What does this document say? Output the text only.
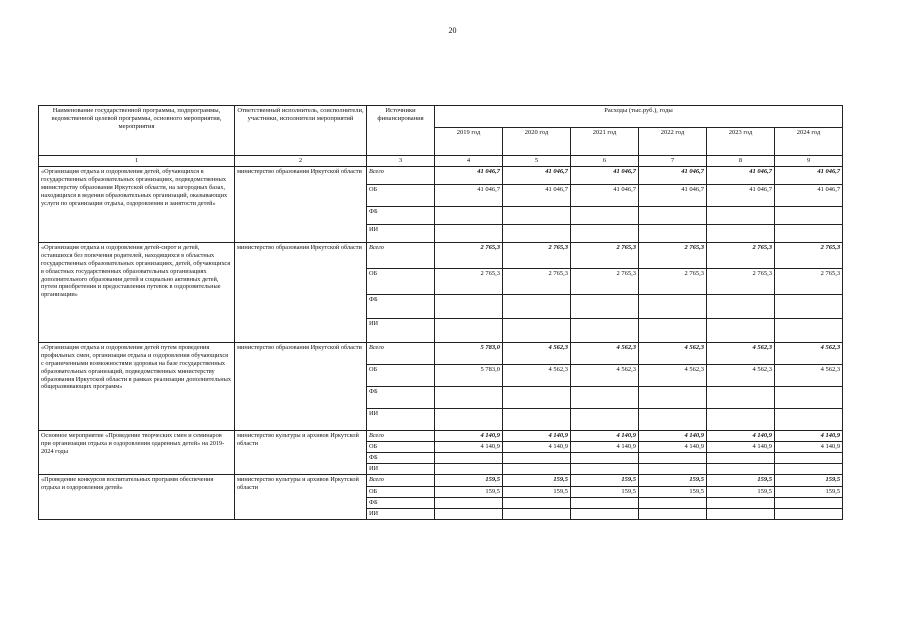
20
Наименование государственной программы, подпрограммы, ведомственной целевой программы, основного мероприятия, мероприятия	Ответственный исполнитель, соисполнители, участники, исполнители мероприятий	Источники финансирования	Расходы (тыс.руб.), годы					
			2019 год	2020 год	2021 год	2022 год	2023 год	2024 год
1	2	3	4	5	6	7	8	9
«Организация отдыха и оздоровления детей, обучающихся в государственных образовательных организациях, подведомственных министерству образования Иркутской области, на загородных базах, находящихся в ведении образовательных организаций, оказывающих услуги по организации отдыха, оздоровления и занятости детей»	министерство образования Иркутской области	Всего	41 046,7	41 046,7	41 046,7	41 046,7	41 046,7	41 046,7
		ОБ	41 046,7	41 046,7	41 046,7	41 046,7	41 046,7	41 046,7
		ФБ						
		ИИ						
«Организация отдыха и оздоровления детей-сирот и детей, оставшихся без попечения родителей, находящихся в областных государственных образовательных организациях, детей, обучающихся в областных государственных образовательных организациях дополнительного образования детей и социально активных детей, путем приобретения и предоставления путевок в оздоровительные организации»	министерство образования Иркутской области	Всего	2 765,3	2 765,3	2 765,3	2 765,3	2 765,3	2 765,3
		ОБ	2 765,3	2 765,3	2 765,3	2 765,3	2 765,3	2 765,3
		ФБ						
		ИИ						
«Организация отдыха и оздоровления детей путем проведения профильных смен, организация отдыха и оздоровления обучающихся с ограниченными возможностями здоровья на базе государственных образовательных организаций, подведомственных министерству образования Иркутской области в рамках реализации дополнительных общеразвивающих программ»	министерство образования Иркутской области	Всего	5 783,0	4 562,3	4 562,3	4 562,3	4 562,3	4 562,3
		ОБ	5 783,0	4 562,3	4 562,3	4 562,3	4 562,3	4 562,3
		ФБ						
		ИИ						
Основное мероприятие «Проведение творческих смен и семинаров при организации отдыха и оздоровления одаренных детей» на 2019-2024 годы	министерство культуры и архивов Иркутской области	Всего	4 140,9	4 140,9	4 140,9	4 140,9	4 140,9	4 140,9
		ОБ	4 140,9	4 140,9	4 140,9	4 140,9	4 140,9	4 140,9
		ФБ						
		ИИ						
«Проведение конкурсов воспитательных программ обеспечения отдыха и оздоровления детей»	министерство культуры и архивов Иркутской области	Всего	159,5	159,5	159,5	159,5	159,5	159,5
		ОБ	159,5	159,5	159,5	159,5	159,5	159,5
		ФБ						
		ИИ						
